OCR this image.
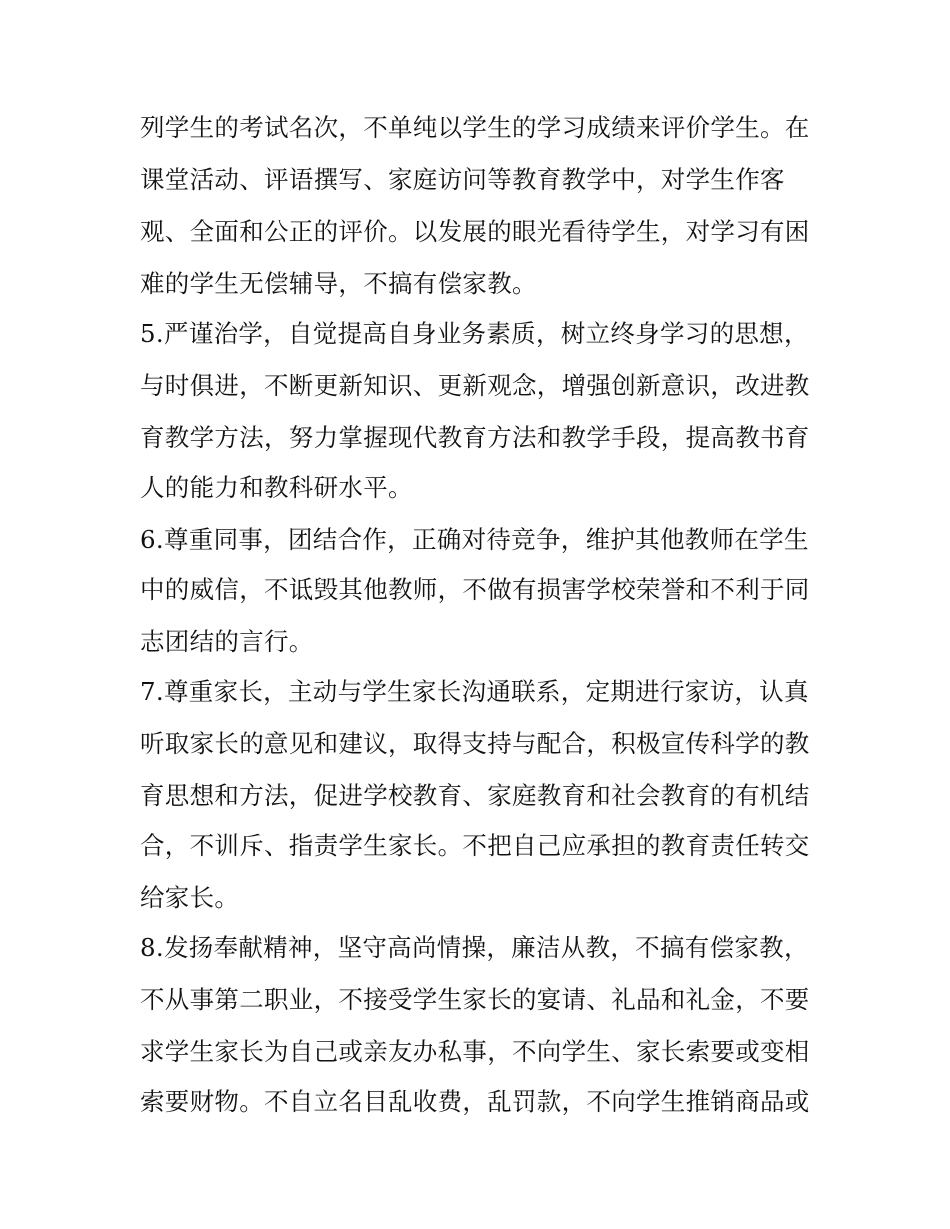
列学生的考试名次，不单纯以学生的学习成绩来评价学生。在
课堂活动、评语撰写、家庭访问等教育教学中，对学生作客
观、全面和公正的评价。以发展的眼光看待学生，对学习有困
难的学生无偿辅导，不搞有偿家教。
5.严谨治学，自觉提高自身业务素质，树立终身学习的思想，
与时俱进，不断更新知识、更新观念，增强创新意识，改进教
育教学方法，努力掌握现代教育方法和教学手段，提高教书育
人的能力和教科研水平。
6.尊重同事，团结合作，正确对待竞争，维护其他教师在学生
中的威信，不诋毁其他教师，不做有损害学校荣誉和不利于同
志团结的言行。
7.尊重家长，主动与学生家长沟通联系，定期进行家访，认真
听取家长的意见和建议，取得支持与配合，积极宣传科学的教
育思想和方法，促进学校教育、家庭教育和社会教育的有机结
合，不训斥、指责学生家长。不把自己应承担的教育责任转交
给家长。
8.发扬奉献精神，坚守高尚情操，廉洁从教，不搞有偿家教，
不从事第二职业，不接受学生家长的宴请、礼品和礼金，不要
求学生家长为自己或亲友办私事，不向学生、家长索要或变相
索要财物。不自立名目乱收费，乱罚款，不向学生推销商品或
